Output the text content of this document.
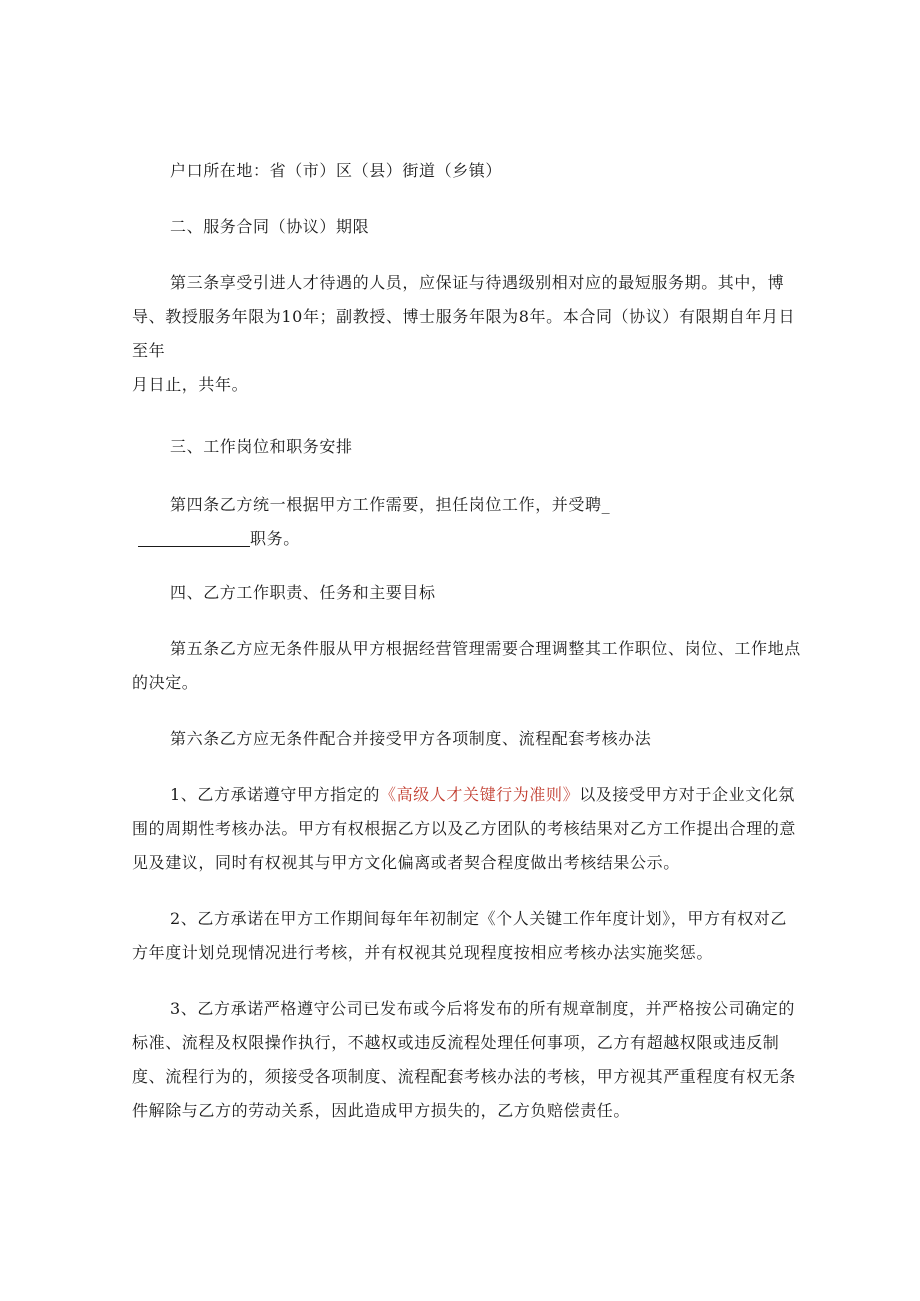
户口所在地：省（市）区（县）街道（乡镇）
二、服务合同（协议）期限
第三条享受引进人才待遇的人员，应保证与待遇级别相对应的最短服务期。其中，博导、教授服务年限为10年；副教授、博士服务年限为8年。本合同（协议）有限期自年月日至年
月日止，共年。
三、工作岗位和职务安排
第四条乙方统一根据甲方工作需要，担任岗位工作，并受聘_
职务。
四、乙方工作职责、任务和主要目标
第五条乙方应无条件服从甲方根据经营管理需要合理调整其工作职位、岗位、工作地点的决定。
第六条乙方应无条件配合并接受甲方各项制度、流程配套考核办法
1、乙方承诺遵守甲方指定的《高级人才关键行为准则》以及接受甲方对于企业文化氛围的周期性考核办法。甲方有权根据乙方以及乙方团队的考核结果对乙方工作提出合理的意见及建议，同时有权视其与甲方文化偏离或者契合程度做出考核结果公示。
2、乙方承诺在甲方工作期间每年年初制定《个人关键工作年度计划》，甲方有权对乙方年度计划兑现情况进行考核，并有权视其兑现程度按相应考核办法实施奖惩。
3、乙方承诺严格遵守公司已发布或今后将发布的所有规章制度，并严格按公司确定的标准、流程及权限操作执行，不越权或违反流程处理任何事项，乙方有超越权限或违反制度、流程行为的，须接受各项制度、流程配套考核办法的考核，甲方视其严重程度有权无条件解除与乙方的劳动关系，因此造成甲方损失的，乙方负赔偿责任。
